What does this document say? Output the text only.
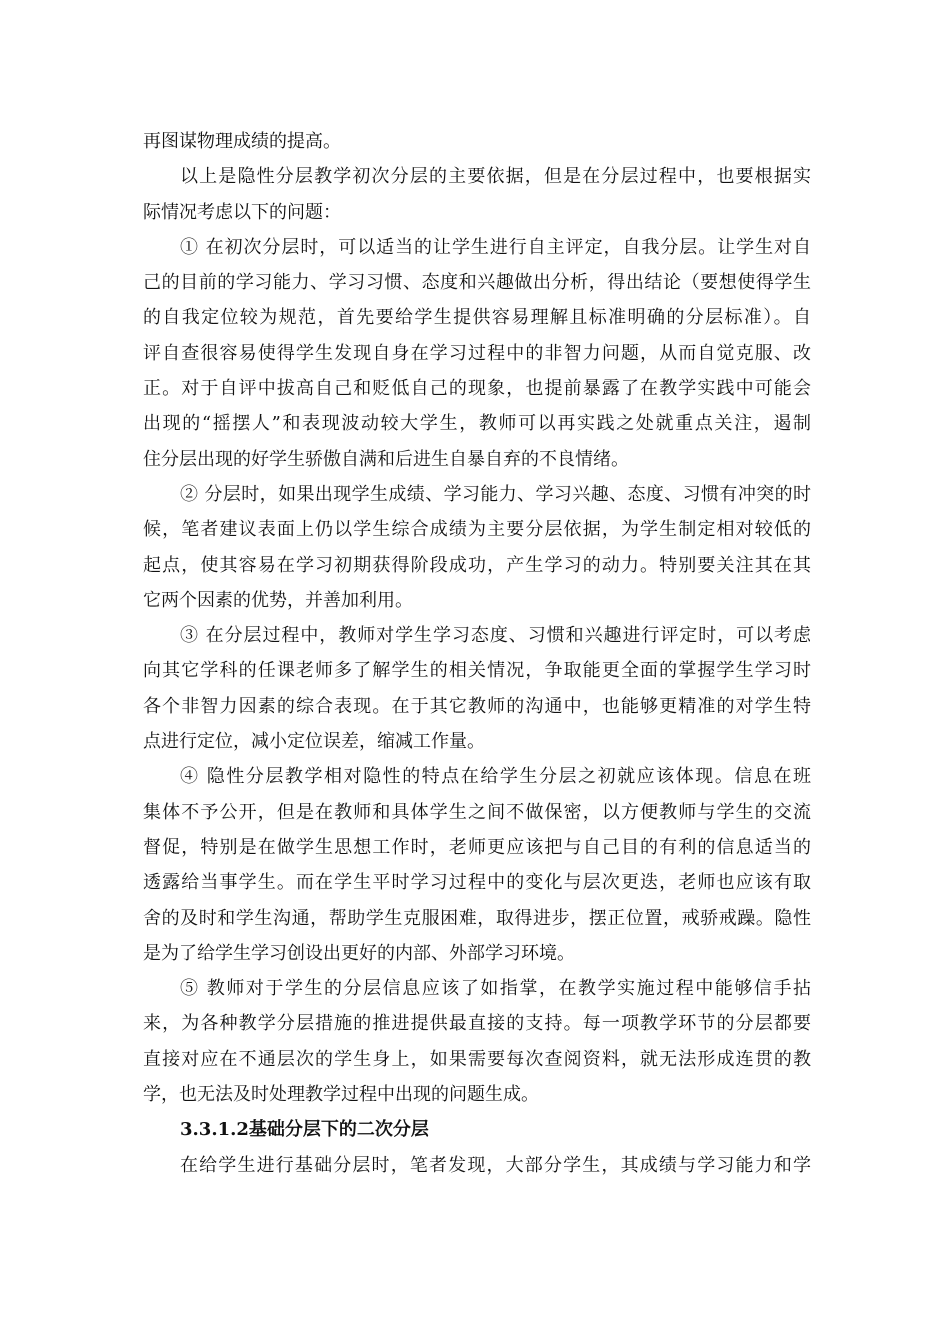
再图谋物理成绩的提高。
以上是隐性分层教学初次分层的主要依据，但是在分层过程中，也要根据实
际情况考虑以下的问题：
① 在初次分层时，可以适当的让学生进行自主评定，自我分层。让学生对自
己的目前的学习能力、学习习惯、态度和兴趣做出分析，得出结论（要想使得学生
的自我定位较为规范，首先要给学生提供容易理解且标准明确的分层标准）。自
评自查很容易使得学生发现自身在学习过程中的非智力问题，从而自觉克服、改
正。对于自评中拔高自己和贬低自己的现象，也提前暴露了在教学实践中可能会
出现的“摇摆人”和表现波动较大学生，教师可以再实践之处就重点关注，遏制
住分层出现的好学生骄傲自满和后进生自暴自弃的不良情绪。
② 分层时，如果出现学生成绩、学习能力、学习兴趣、态度、习惯有冲突的时
候，笔者建议表面上仍以学生综合成绩为主要分层依据，为学生制定相对较低的
起点，使其容易在学习初期获得阶段成功，产生学习的动力。特别要关注其在其
它两个因素的优势，并善加利用。
③ 在分层过程中，教师对学生学习态度、习惯和兴趣进行评定时，可以考虑
向其它学科的任课老师多了解学生的相关情况，争取能更全面的掌握学生学习时
各个非智力因素的综合表现。在于其它教师的沟通中，也能够更精准的对学生特
点进行定位，减小定位误差，缩减工作量。
④ 隐性分层教学相对隐性的特点在给学生分层之初就应该体现。信息在班
集体不予公开，但是在教师和具体学生之间不做保密，以方便教师与学生的交流
督促，特别是在做学生思想工作时，老师更应该把与自己目的有利的信息适当的
透露给当事学生。而在学生平时学习过程中的变化与层次更迭，老师也应该有取
舍的及时和学生沟通，帮助学生克服困难，取得进步，摆正位置，戒骄戒躁。隐性
是为了给学生学习创设出更好的内部、外部学习环境。
⑤ 教师对于学生的分层信息应该了如指掌，在教学实施过程中能够信手拈
来，为各种教学分层措施的推进提供最直接的支持。每一项教学环节的分层都要
直接对应在不通层次的学生身上，如果需要每次查阅资料，就无法形成连贯的教
学，也无法及时处理教学过程中出现的问题生成。
3.3.1.2基础分层下的二次分层
在给学生进行基础分层时，笔者发现，大部分学生，其成绩与学习能力和学
